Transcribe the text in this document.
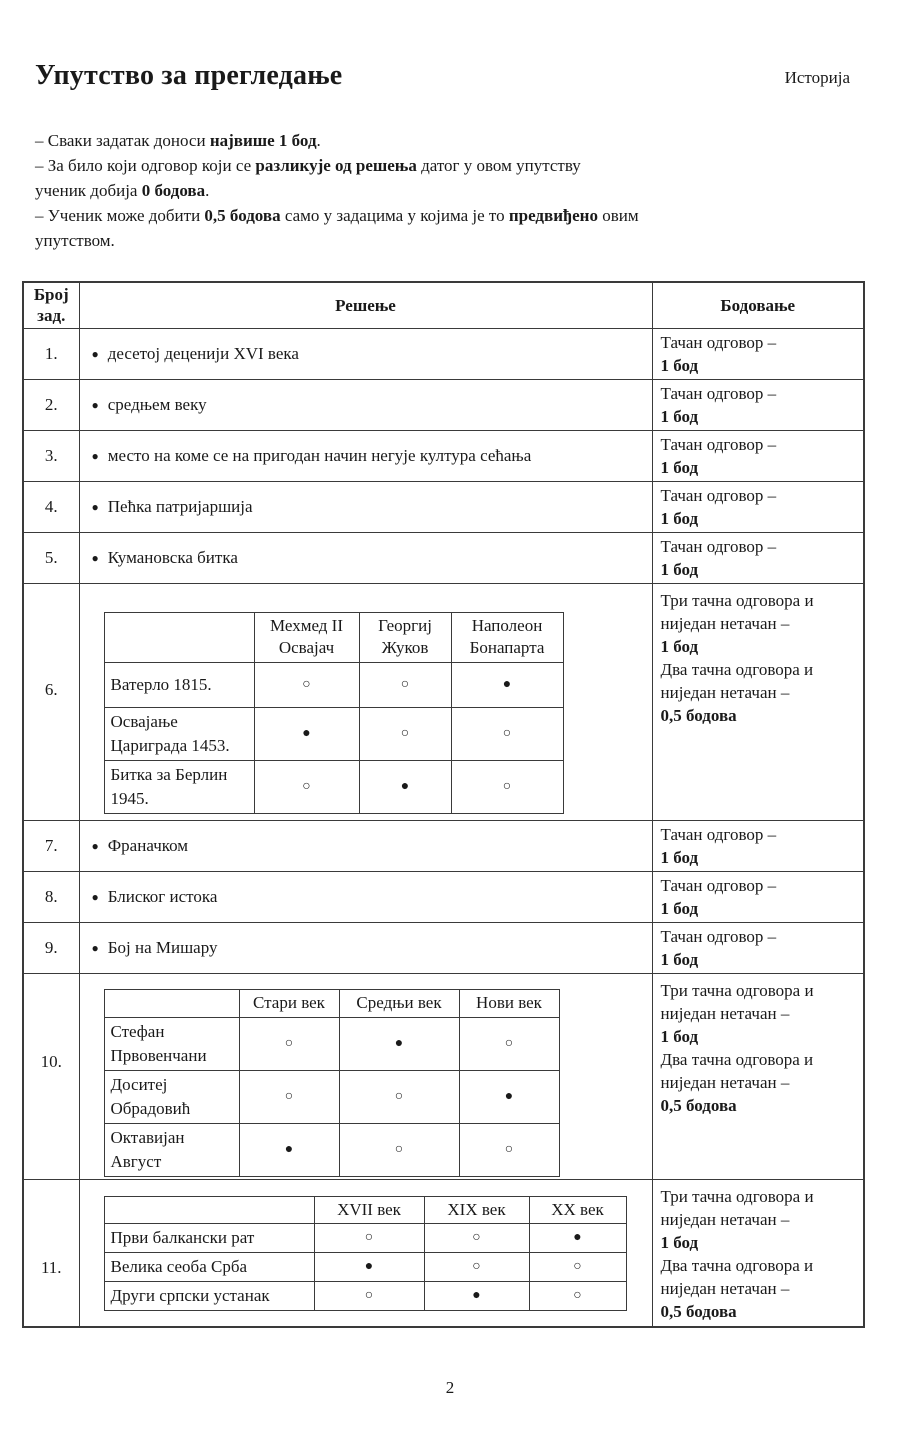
Историја
Упутство за прегледање
– Сваки задатак доноси највише 1 бод.
– За било који одговор који се разликује од решења датог у овом упутству
ученик добија 0 бодова.
– Ученик може добити 0,5 бодова само у задацима у којима је то предвиђено овим
упутством.
Број
зад.
	Решење	Бодовање
1.	● десетој деценији XVI века	
Тачан одговор –
1 бод

2.	● средњем веку	
Тачан одговор –
1 бод

3.	● место на коме се на пригодан начин негује култура сећања	
Тачан одговор –
1 бод

4.	● Пећка патријаршија	
Тачан одговор –
1 бод

5.	● Кумановска битка	
Тачан одговор –
1 бод

6.	
	Мехмед II Освајач	Георгиј Жуков	Наполеон Бонапарта
Ватерло 1815.	○	○	●
Освајање Цариграда 1453.	●	○	○
Битка за Берлин 1945.	○	●	○

Три тачна одговора и
ниједан нетачан –
1 бод
Два тачна одговора и
ниједан нетачан –
0,5 бодова

7.	● Франачком	
Тачан одговор –
1 бод

8.	● Блиског истока	
Тачан одговор –
1 бод

9.	● Бој на Мишару	
Тачан одговор –
1 бод

10.	
	Стари век	Средњи век	Нови век
Стефан Првовенчани	○	●	○
Доситеј Обрадовић	○	○	●
Октавијан Август	●	○	○

Три тачна одговора и
ниједан нетачан –
1 бод
Два тачна одговора и
ниједан нетачан –
0,5 бодова

11.	
	XVII век	XIX век	XX век
Први балкански рат	○	○	●
Велика сеоба Срба	●	○	○
Други српски устанак	○	●	○

Три тачна одговора и
ниједан нетачан –
1 бод
Два тачна одговора и
ниједан нетачан –
0,5 бодова
2
